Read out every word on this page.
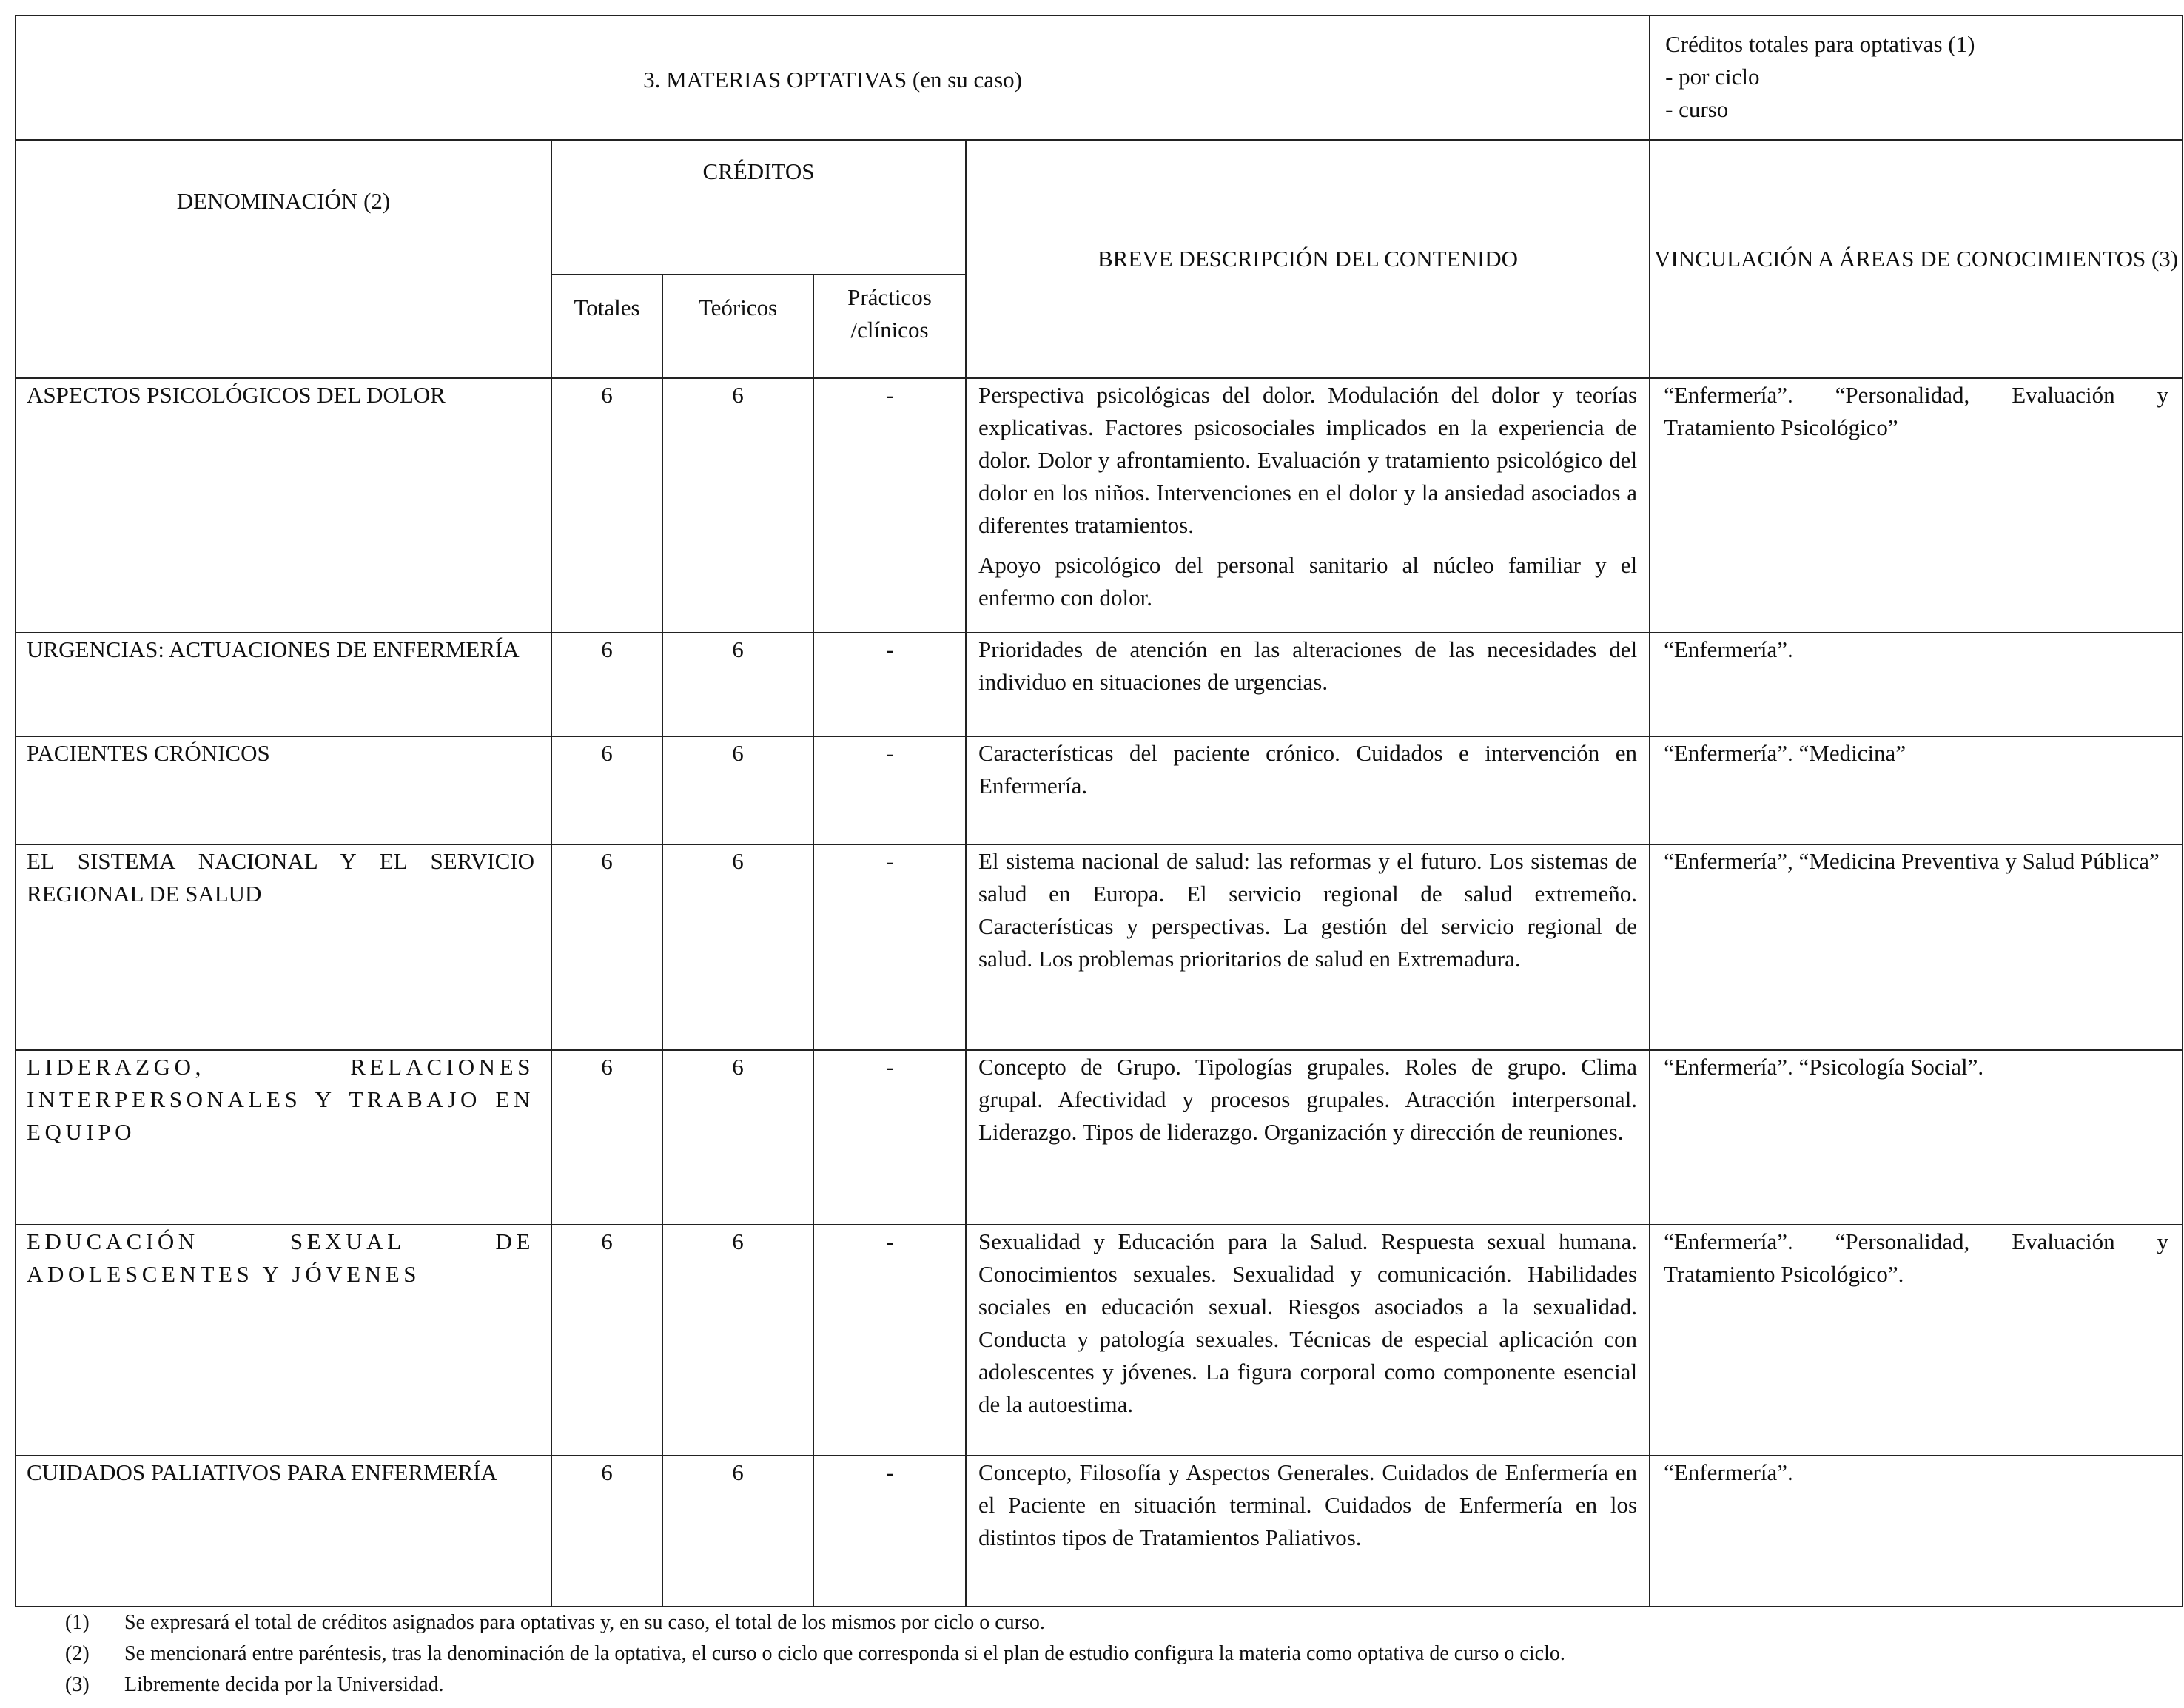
3. MATERIAS OPTATIVAS (en su caso)					Créditos totales para optativas (1)
- por ciclo
- curso

DENOMINACIÓN (2)	CRÉDITOS			BREVE DESCRIPCIÓN DEL CONTENIDO	VINCULACIÓN A ÁREAS DE CONOCIMIENTOS (3)
	Totales	Teóricos	Prácticos /clínicos		
ASPECTOS PSICOLÓGICOS DEL DOLOR	6	6	-	Perspectiva psicológicas del dolor. Modulación del dolor y teorías explicativas. Factores psicosociales implicados en la experiencia de dolor. Dolor y afrontamiento. Evaluación y tratamiento psicológico del dolor en los niños. Intervenciones en el dolor y la ansiedad asociados a diferentes tratamientos.

Apoyo psicológico del personal sanitario al núcleo familiar y el enfermo con dolor.	“Enfermería”. “Personalidad, Evaluación y Tratamiento Psicológico”
URGENCIAS: ACTUACIONES DE ENFERMERÍA	6	6	-	Prioridades de atención en las alteraciones de las necesidades del individuo en situaciones de urgencias.	“Enfermería”.
PACIENTES CRÓNICOS	6	6	-	Características del paciente crónico. Cuidados e intervención en Enfermería.	“Enfermería”. “Medicina”
EL SISTEMA NACIONAL Y EL SERVICIO REGIONAL DE SALUD	6	6	-	El sistema nacional de salud: las reformas y el futuro. Los sistemas de salud en Europa. El servicio regional de salud extremeño. Características y perspectivas. La gestión del servicio regional de salud. Los problemas prioritarios de salud en Extremadura.	“Enfermería”, “Medicina Preventiva y Salud Pública”
LIDERAZGO, RELACIONES INTERPERSONALES Y TRABAJO EN EQUIPO	6	6	-	Concepto de Grupo. Tipologías grupales. Roles de grupo. Clima grupal. Afectividad y procesos grupales. Atracción interpersonal. Liderazgo. Tipos de liderazgo. Organización y dirección de reuniones.	“Enfermería”. “Psicología Social”.
EDUCACIÓN SEXUAL DE ADOLESCENTES Y JÓVENES	6	6	-	Sexualidad y Educación para la Salud. Respuesta sexual humana. Conocimientos sexuales. Sexualidad y comunicación. Habilidades sociales en educación sexual. Riesgos asociados a la sexualidad. Conducta y patología sexuales. Técnicas de especial aplicación con adolescentes y jóvenes. La figura corporal como componente esencial de la autoestima.	“Enfermería”. “Personalidad, Evaluación y Tratamiento Psicológico”.
CUIDADOS PALIATIVOS PARA ENFERMERÍA	6	6	-	Concepto, Filosofía y Aspectos Generales. Cuidados de Enfermería en el Paciente en situación terminal. Cuidados de Enfermería en los distintos tipos de Tratamientos Paliativos.	“Enfermería”.
(1)	Se expresará el total de créditos asignados para optativas y, en su caso, el total de los mismos por ciclo o curso.
(2)	Se mencionará entre paréntesis, tras la denominación de la optativa, el curso o ciclo que corresponda si el plan de estudio configura la materia como optativa de curso o ciclo.
(3)	Libremente decida por la Universidad.
